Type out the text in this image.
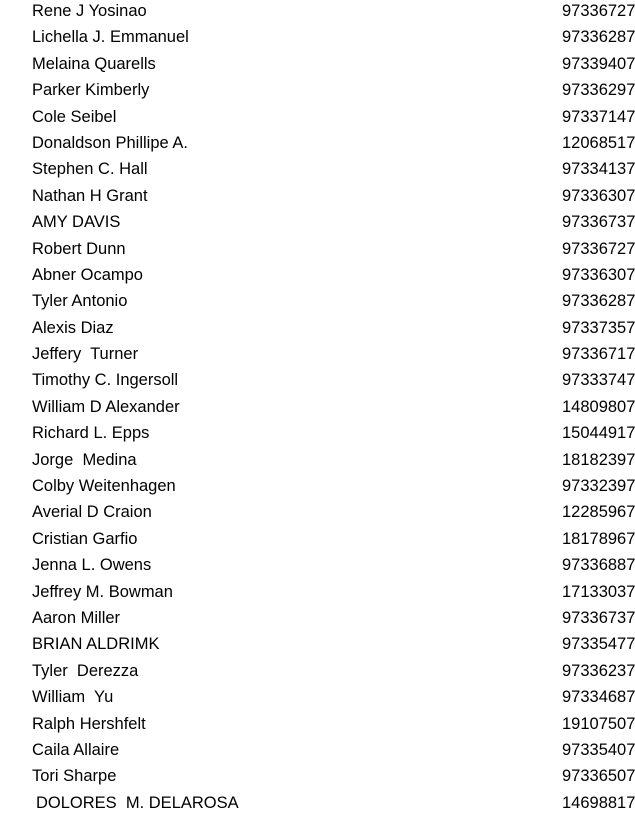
Rene J Yosinao	97336727
Lichella J. Emmanuel	97336287
Melaina Quarells	97339407
Parker Kimberly	97336297
Cole Seibel	97337147
Donaldson Phillipe A.	12068517
Stephen C. Hall	97334137
Nathan H Grant	97336307
AMY DAVIS	97336737
Robert Dunn	97336727
Abner Ocampo	97336307
Tyler Antonio	97336287
Alexis Diaz	97337357
Jeffery  Turner	97336717
Timothy C. Ingersoll	97333747
William D Alexander	14809807
Richard L. Epps	15044917
Jorge  Medina	18182397
Colby Weitenhagen	97332397
Averial D Craion	12285967
Cristian Garfio	18178967
Jenna L. Owens	97336887
Jeffrey M. Bowman	17133037
Aaron Miller	97336737
BRIAN ALDRIMK	97335477
Tyler  Derezza	97336237
William  Yu	97334687
Ralph Hershfelt	19107507
Caila Allaire	97335407
Tori Sharpe	97336507
DOLORES  M. DELAROSA	14698817
